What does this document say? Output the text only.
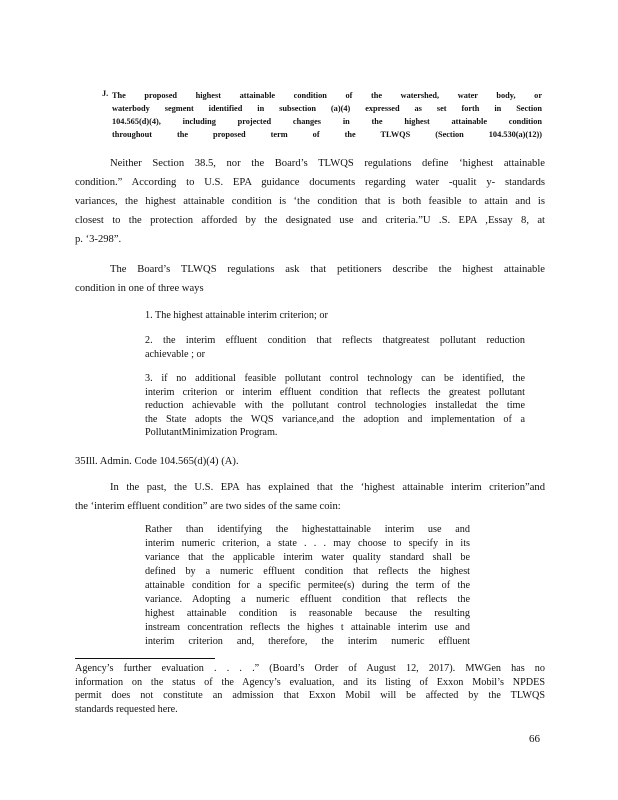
J. The proposed highest attainable condition of the watershed, water body, or
waterbody segment identified in subsection (a)(4) expressed as set forth in Section
104.565(d)(4), including projected changes in the highest attainable condition
throughout the proposed term of the TLWQS (Section 104.530(a)(12))
Neither Section 38.5, nor the Board’s TLWQS regulations define ‘highest attainable
condition.” According to U.S. EPA guidance documents regarding water -qualit y- standards
variances, the highest attainable condition is ‘the condition that is both feasible to attain and is
closest to the protection afforded by the designated use and criteria.”U .S. EPA ,Essay 8, at
p. ‘3-298”.
The Board’s TLWQS regulations ask that petitioners describe the highest attainable
condition in one of three ways
1. The highest attainable interim criterion; or
2. the interim effluent condition that reflects thatgreatest pollutant reduction
achievable ; or
3. if no additional feasible pollutant control technology can be identified, the
interim criterion or interim effluent condition that reflects the greatest pollutant
reduction achievable with the pollutant control technologies installedat the time
the State adopts the WQS variance,and the adoption and implementation of a
PollutantMinimization Program.
35Ill. Admin. Code 104.565(d)(4) (A).
In the past, the U.S. EPA has explained that the ‘highest attainable interim criterion”and
the ‘interim effluent condition” are two sides of the same coin:
Rather than identifying the highestattainable interim use and
interim numeric criterion, a state . . . may choose to specify in its
variance that the applicable interim water quality standard shall be
defined by a numeric effluent condition that reflects the highest
attainable condition for a specific permitee(s) during the term of the
variance. Adopting a numeric effluent condition that reflects the
highest attainable condition is reasonable because the resulting
instream concentration reflects the highes t attainable interim use and
interim criterion and, therefore, the interim numeric effluent
Agency’s further evaluation . . . .” (Board’s Order of August 12, 2017). MWGen has no
information on the status of the Agency’s evaluation, and its listing of Exxon Mobil’s NPDES
permit does not constitute an admission that Exxon Mobil will be affected by the TLWQS
standards requested here.
66
